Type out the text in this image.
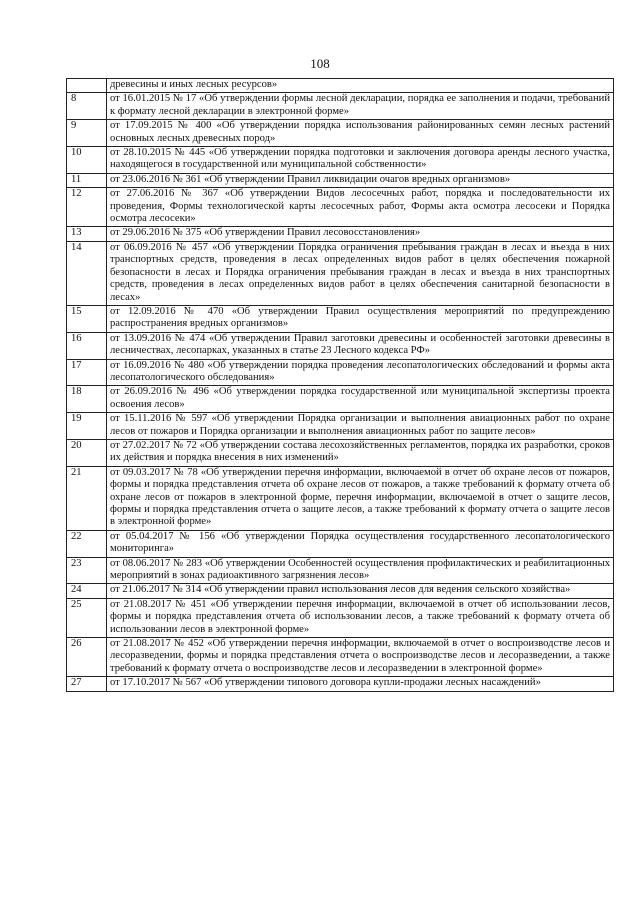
108
	древесины и иных лесных ресурсов»
8	от 16.01.2015 № 17 «Об утверждении формы лесной декларации, порядка ее заполнения и подачи, требований к формату лесной декларации в электронной форме»
9	от 17.09.2015 № 400 «Об утверждении порядка использования районированных семян лесных растений основных лесных древесных пород»
10	от 28.10.2015 № 445 «Об утверждении порядка подготовки и заключения договора аренды лесного участка, находящегося в государственной или муниципальной собственности»
11	от 23.06.2016 № 361 «Об утверждении Правил ликвидации очагов вредных организмов»
12	от 27.06.2016 № 367 «Об утверждении Видов лесосечных работ, порядка и последовательности их проведения, Формы технологической карты лесосечных работ, Формы акта осмотра лесосеки и Порядка осмотра лесосеки»
13	от 29.06.2016 № 375 «Об утверждении Правил лесовосстановления»
14	от 06.09.2016 № 457 «Об утверждении Порядка ограничения пребывания граждан в лесах и въезда в них транспортных средств, проведения в лесах определенных видов работ в целях обеспечения пожарной безопасности в лесах и Порядка ограничения пребывания граждан в лесах и въезда в них транспортных средств, проведения в лесах определенных видов работ в целях обеспечения санитарной безопасности в лесах»
15	от 12.09.2016 № 470 «Об утверждении Правил осуществления мероприятий по предупреждению распространения вредных организмов»
16	от 13.09.2016 № 474 «Об утверждении Правил заготовки древесины и особенностей заготовки древесины в лесничествах, лесопарках, указанных в статье 23 Лесного кодекса РФ»
17	от 16.09.2016 № 480 «Об утверждении порядка проведения лесопатологических обследований и формы акта лесопатологического обследования»
18	от 26.09.2016 № 496 «Об утверждении порядка государственной или муниципальной экспертизы проекта освоения лесов»
19	от 15.11.2016 № 597 «Об утверждении Порядка организации и выполнения авиационных работ по охране лесов от пожаров и Порядка организации и выполнения авиационных работ по защите лесов»
20	от 27.02.2017 № 72 «Об утверждении состава лесохозяйственных регламентов, порядка их разработки, сроков их действия и порядка внесения в них изменений»
21	от 09.03.2017 № 78 «Об утверждении перечня информации, включаемой в отчет об охране лесов от пожаров, формы и порядка представления отчета об охране лесов от пожаров, а также требований к формату отчета об охране лесов от пожаров в электронной форме, перечня информации, включаемой в отчет о защите лесов, формы и порядка представления отчета о защите лесов, а также требований к формату отчета о защите лесов в электронной форме»
22	от 05.04.2017 № 156 «Об утверждении Порядка осуществления государственного лесопатологического мониторинга»
23	от 08.06.2017 № 283 «Об утверждении Особенностей осуществления профилактических и реабилитационных мероприятий в зонах радиоактивного загрязнения лесов»
24	от 21.06.2017 № 314 «Об утверждении правил использования лесов для ведения сельского хозяйства»
25	от 21.08.2017 № 451 «Об утверждении перечня информации, включаемой в отчет об использовании лесов, формы и порядка представления отчета об использовании лесов, а также требований к формату отчета об использовании лесов в электронной форме»
26	от 21.08.2017 № 452 «Об утверждении перечня информации, включаемой в отчет о воспроизводстве лесов и лесоразведении, формы и порядка представления отчета о воспроизводстве лесов и лесоразведении, а также требований к формату отчета о воспроизводстве лесов и лесоразведении в электронной форме»
27	от 17.10.2017 № 567 «Об утверждении типового договора купли-продажи лесных насаждений»
